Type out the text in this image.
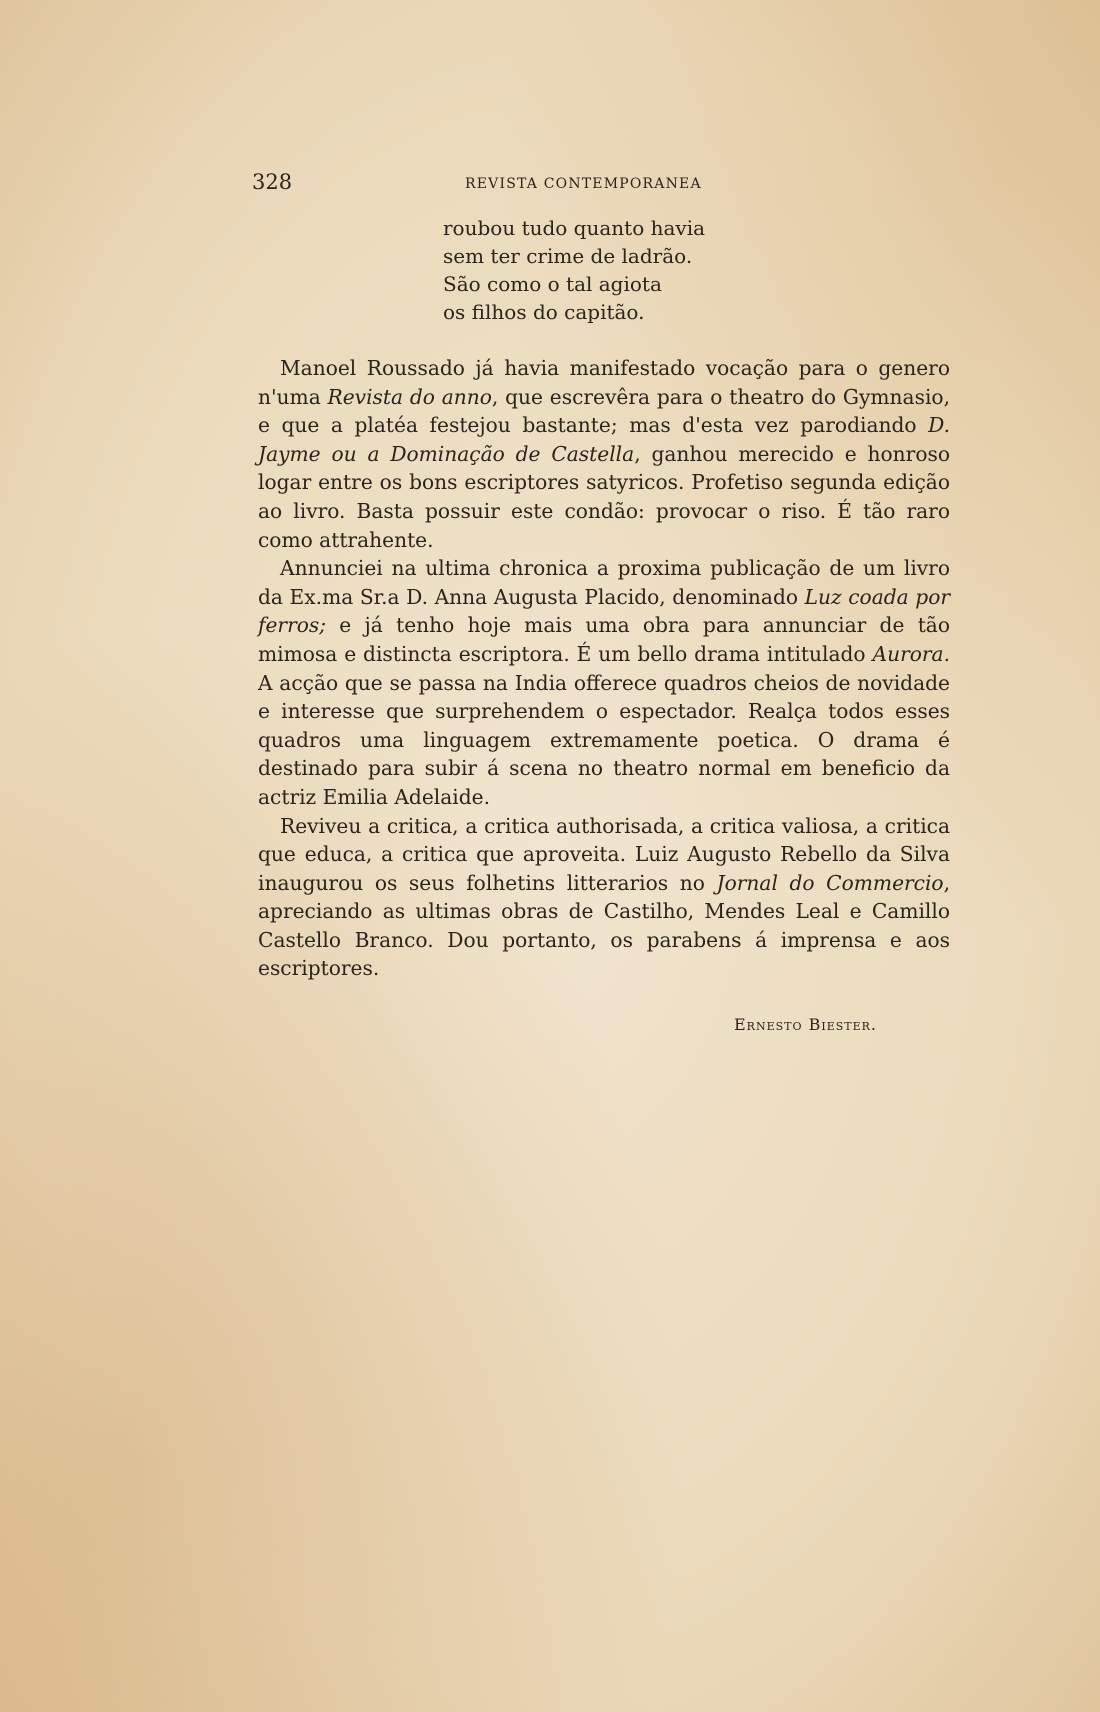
328	REVISTA CONTEMPORANEA
roubou tudo quanto havia
sem ter crime de ladrão.
São como o tal agiota
os filhos do capitão.

Manoel Roussado já havia manifestado vocação para o genero n'uma Revista do anno, que escrevêra para o theatro do Gymnasio, e que a platéa festejou bastante; mas d'esta vez parodiando D. Jayme ou a Dominação de Castella, ganhou merecido e honroso logar entre os bons escriptores satyricos. Profetiso segunda edição ao livro. Basta possuir este condão: provocar o riso. É tão raro como attrahente.

Annunciei na ultima chronica a proxima publicação de um livro da Ex.ma Sr.a D. Anna Augusta Placido, denominado Luz coada por ferros; e já tenho hoje mais uma obra para annunciar de tão mimosa e distincta escriptora. É um bello drama intitulado Aurora. A acção que se passa na India offerece quadros cheios de novidade e interesse que surprehendem o espectador. Realça todos esses quadros uma linguagem extremamente poetica. O drama é destinado para subir á scena no theatro normal em beneficio da actriz Emilia Adelaide.

Reviveu a critica, a critica authorisada, a critica valiosa, a critica que educa, a critica que aproveita. Luiz Augusto Rebello da Silva inaugurou os seus folhetins litterarios no Jornal do Commercio, apreciando as ultimas obras de Castilho, Mendes Leal e Camillo Castello Branco. Dou portanto, os parabens á imprensa e aos escriptores.

Ernesto Biester.
